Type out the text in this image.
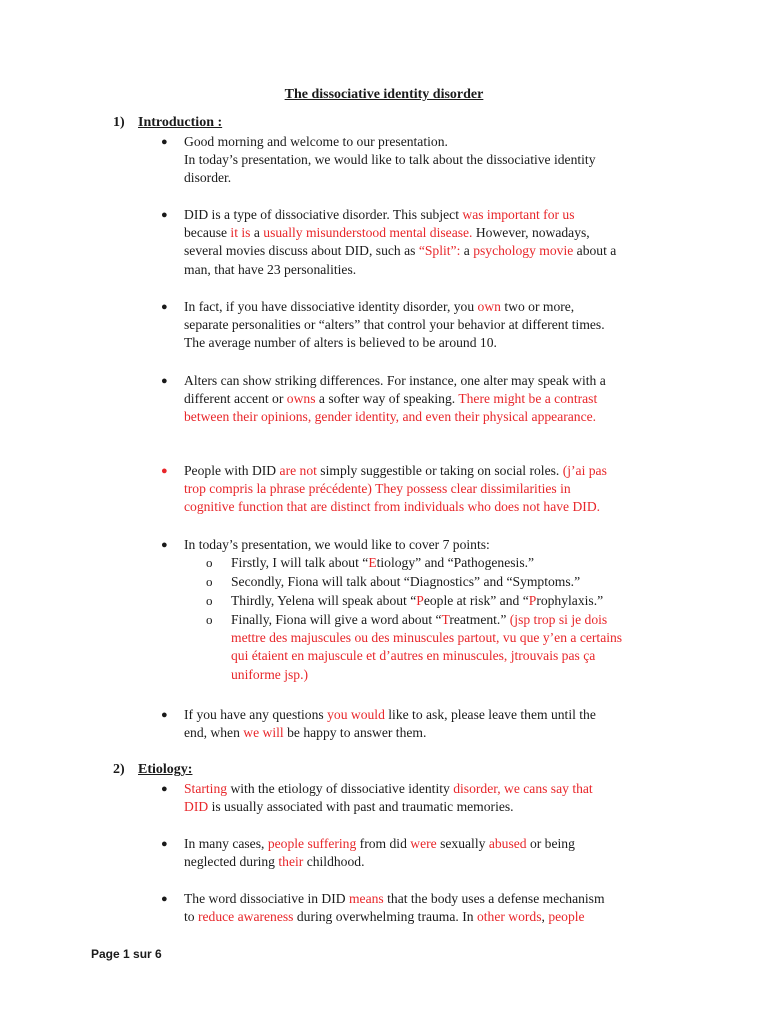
The dissociative identity disorder
1) Introduction :
● Good morning and welcome to our presentation.
In today’s presentation, we would like to talk about the dissociative identity
disorder.
● DID is a type of dissociative disorder. This subject was important for us
because it is a usually misunderstood mental disease. However, nowadays,
several movies discuss about DID, such as “Split”: a psychology movie about a
man, that have 23 personalities.
● In fact, if you have dissociative identity disorder, you own two or more,
separate personalities or “alters” that control your behavior at different times.
The average number of alters is believed to be around 10.
● Alters can show striking differences. For instance, one alter may speak with a
different accent or owns a softer way of speaking. There might be a contrast
between their opinions, gender identity, and even their physical appearance.
● People with DID are not simply suggestible or taking on social roles. (j’ai pas
trop compris la phrase précédente) They possess clear dissimilarities in
cognitive function that are distinct from individuals who does not have DID.
● In today’s presentation, we would like to cover 7 points:
o Firstly, I will talk about “Etiology” and “Pathogenesis.”
o Secondly, Fiona will talk about “Diagnostics” and “Symptoms.”
o Thirdly, Yelena will speak about “People at risk” and “Prophylaxis.”
o Finally, Fiona will give a word about “Treatment.” (jsp trop si je dois
mettre des majuscules ou des minuscules partout, vu que y’en a certains
qui étaient en majuscule et d’autres en minuscules, jtrouvais pas ça
uniforme jsp.)
● If you have any questions you would like to ask, please leave them until the
end, when we will be happy to answer them.
2) Etiology:
● Starting with the etiology of dissociative identity disorder, we cans say that
DID is usually associated with past and traumatic memories.
● In many cases, people suffering from did were sexually abused or being
neglected during their childhood.
● The word dissociative in DID means that the body uses a defense mechanism
to reduce awareness during overwhelming trauma. In other words, people
Page 1 sur 6
